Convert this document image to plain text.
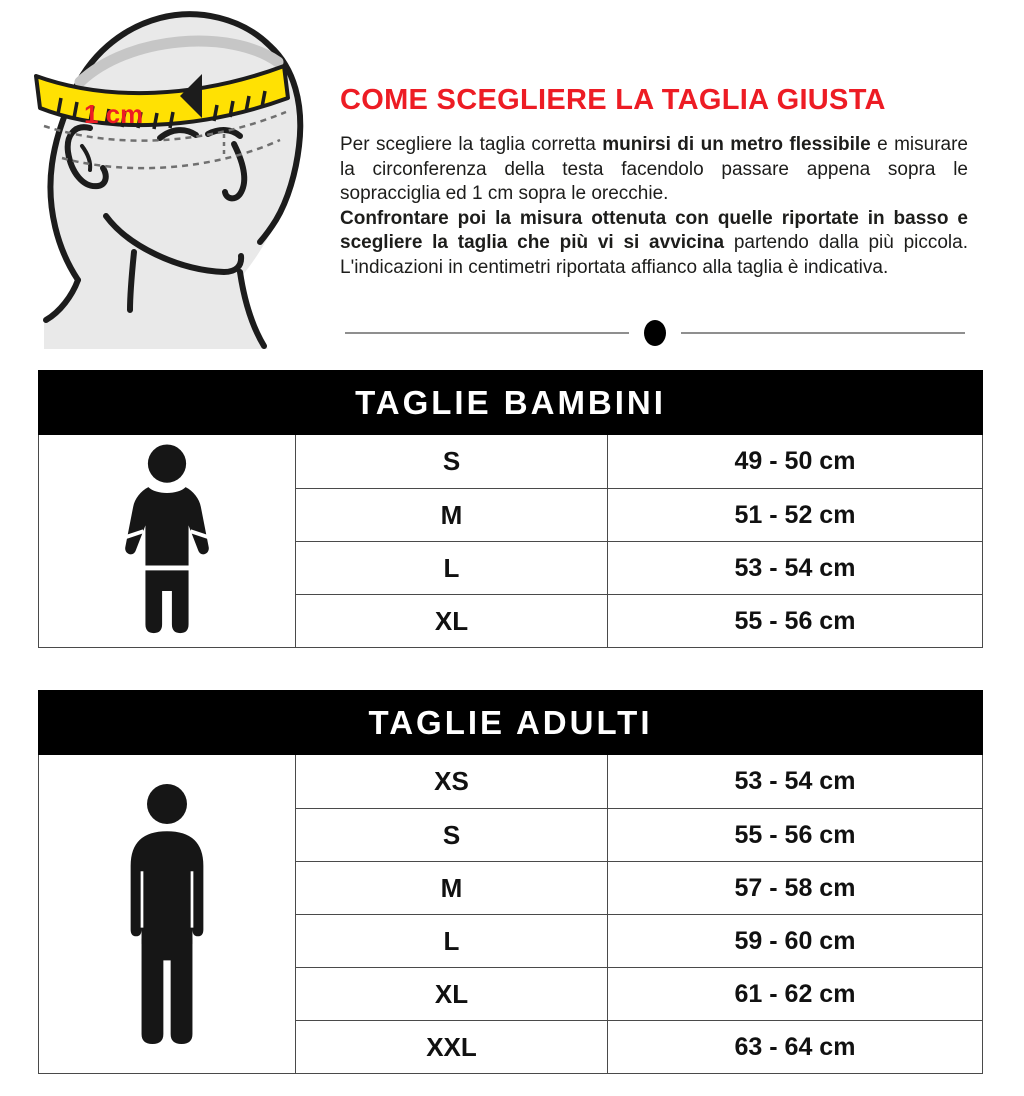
1 cm	COME SCEGLIERE LA TAGLIA GIUSTA

Per scegliere la taglia corretta munirsi di un metro flessibile e misurare la circonferenza della testa facendolo passare appena sopra le sopracciglia ed 1 cm sopra le orecchie.

Confrontare poi la misura ottenuta con quelle riportate in basso e scegliere la taglia che più vi si avvicina partendo dalla più piccola. L'indicazioni in centimetri riportata affianco alla taglia è indicativa.

TAGLIE BAMBINI
S	49 - 50 cm
M	51 - 52 cm
L	53 - 54 cm
XL	55 - 56 cm
TAGLIE ADULTI
XS	53 - 54 cm
S	55 - 56 cm
M	57 - 58 cm
L	59 - 60 cm
XL	61 - 62 cm
XXL	63 - 64 cm
